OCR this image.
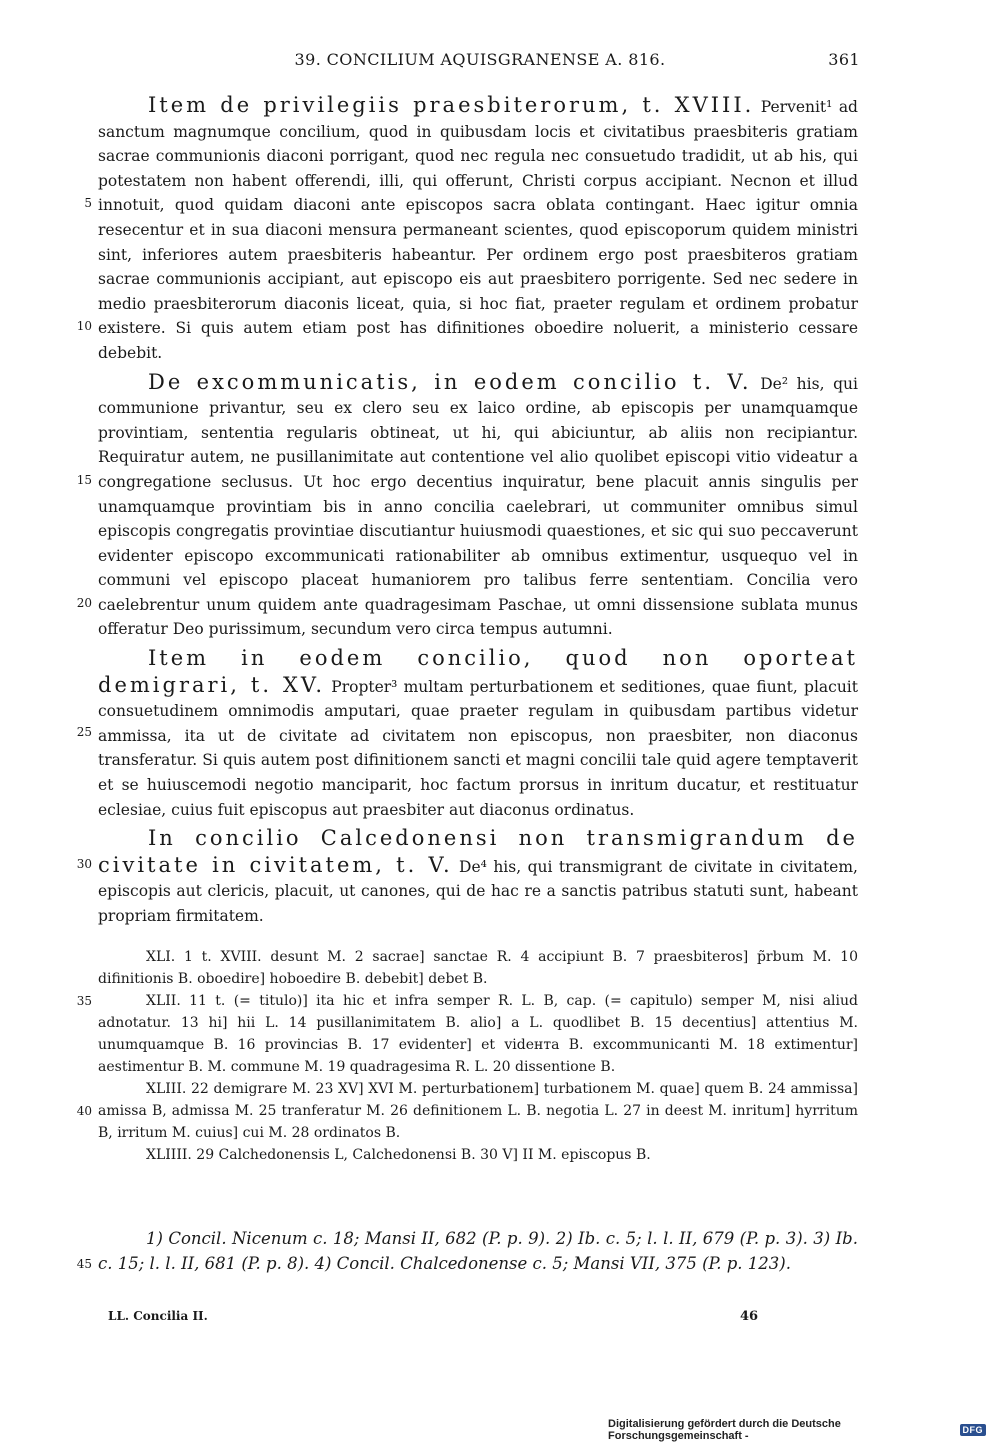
39. CONCILIUM AQUISGRANENSE A. 816.	361
Item de privilegiis praesbiterorum, t. XVIII. Pervenit¹ ad sanctum magnumque concilium, quod in quibusdam locis et civitatibus praesbiteris gratiam sacrae communionis diaconi porrigant, quod nec regula nec consuetudo tradidit, ut ab his, qui potestatem non habent offerendi, illi, qui offerunt, Christi corpus accipiant. Necnon et illud innotuit, quod quidam diaconi ante episcopos sacra oblata contingant. Haec igitur omnia resecentur et in sua diaconi mensura permaneant scientes, quod episcoporum quidem ministri sint, inferiores autem praesbiteris habeantur. Per ordinem ergo post praesbiteros gratiam sacrae communionis accipiant, aut episcopo eis aut praesbitero porrigente. Sed nec sedere in medio praesbiterorum diaconis liceat, quia, si hoc fiat, praeter regulam et ordinem probatur existere. Si quis autem etiam post has difinitiones oboedire noluerit, a ministerio cessare debebit.
5
10
De excommunicatis, in eodem concilio t. V. De² his, qui communione privantur, seu ex clero seu ex laico ordine, ab episcopis per unamquamque provintiam, sententia regularis obtineat, ut hi, qui abiciuntur, ab aliis non recipiantur. Requiratur autem, ne pusillanimitate aut contentione vel alio quolibet episcopi vitio videatur a congregatione seclusus. Ut hoc ergo decentius inquiratur, bene placuit annis singulis per unamquamque provintiam bis in anno concilia caelebrari, ut communiter omnibus simul episcopis congregatis provintiae discutiantur huiusmodi quaestiones, et sic qui suo peccaverunt evidenter episcopo excommunicati rationabiliter ab omnibus extimentur, usquequo vel in communi vel episcopo placeat humaniorem pro talibus ferre sententiam. Concilia vero caelebrentur unum quidem ante quadragesimam Paschae, ut omni dissensione sublata munus offeratur Deo purissimum, secundum vero circa tempus autumni.
15
20
Item in eodem concilio, quod non oporteat demigrari, t. XV. Propter³ multam perturbationem et seditiones, quae fiunt, placuit consuetudinem omnimodis amputari, quae praeter regulam in quibusdam partibus videtur ammissa, ita ut de civitate ad civitatem non episcopus, non praesbiter, non diaconus transferatur. Si quis autem post difinitionem sancti et magni concilii tale quid agere temptaverit et se huiuscemodi negotio manciparit, hoc factum prorsus in inritum ducatur, et restituatur eclesiae, cuius fuit episcopus aut praesbiter aut diaconus ordinatus.
25
In concilio Calcedonensi non transmigrandum de civitate in civitatem, t. V. De⁴ his, qui transmigrant de civitate in civitatem, episcopis aut clericis, placuit, ut canones, qui de hac re a sanctis patribus statuti sunt, habeant propriam firmitatem.
30

XLI. 1 t. XVIII. desunt M. 2 sacrae] sanctae R. 4 accipiunt B. 7 praesbiteros] p̃rbum M. 10 difinitionis B. oboedire] hoboedire B. debebit] debet B.

XLII. 11 t. (= titulo)] ita hic et infra semper R. L. B, cap. (= capitulo) semper M, nisi aliud adnotatur. 13 hi] hii L. 14 pusillanimitatem B. alio] a L. quodlibet B. 15 decentius] attentius M. unumquamque B. 16 provincias B. 17 evidenter] et vidента B. excommunicanti M. 18 extimentur] aestimentur B. M. commune M. 19 quadragesima R. L. 20 dissentione B.

XLIII. 22 demigrare M. 23 XV] XVI M. perturbationem] turbationem M. quae] quem B. 24 ammissa] amissa B, admissa M. 25 tranferatur M. 26 definitionem L. B. negotia L. 27 in deest M. inritum] hyrritum B, irritum M. cuius] cui M. 28 ordinatos B.

XLIIII. 29 Calchedonensis L, Calchedonensi B. 30 V] II M. episcopus B.

35
40

1) Concil. Nicenum c. 18; Mansi II, 682 (P. p. 9). 2) Ib. c. 5; l. l. II, 679 (P. p. 3). 3) Ib. c. 15; l. l. II, 681 (P. p. 8). 4) Concil. Chalcedonense c. 5; Mansi VII, 375 (P. p. 123).

45
LL. Concilia II.	46
Digitalisierung gefördert durch die Deutsche Forschungsgemeinschaft -	DFG
